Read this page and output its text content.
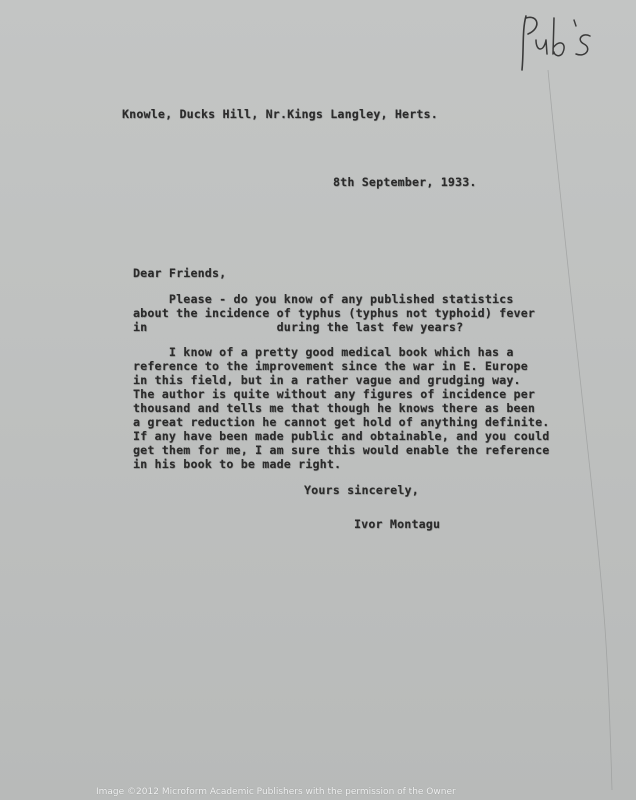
Knowle, Ducks Hill, Nr.Kings Langley, Herts.
8th September, 1933.
Dear Friends,
Please - do you know of any published statistics
about the incidence of typhus (typhus not typhoid) fever
in                  during the last few years?
I know of a pretty good medical book which has a
reference to the improvement since the war in E. Europe
in this field, but in a rather vague and grudging way.
The author is quite without any figures of incidence per
thousand and tells me that though he knows there as been
a great reduction he cannot get hold of anything definite.
If any have been made public and obtainable, and you could
get them for me, I am sure this would enable the reference
in his book to be made right.
Yours sincerely,
Ivor Montagu
Image ©2012 Microform Academic Publishers with the permission of the Owner
